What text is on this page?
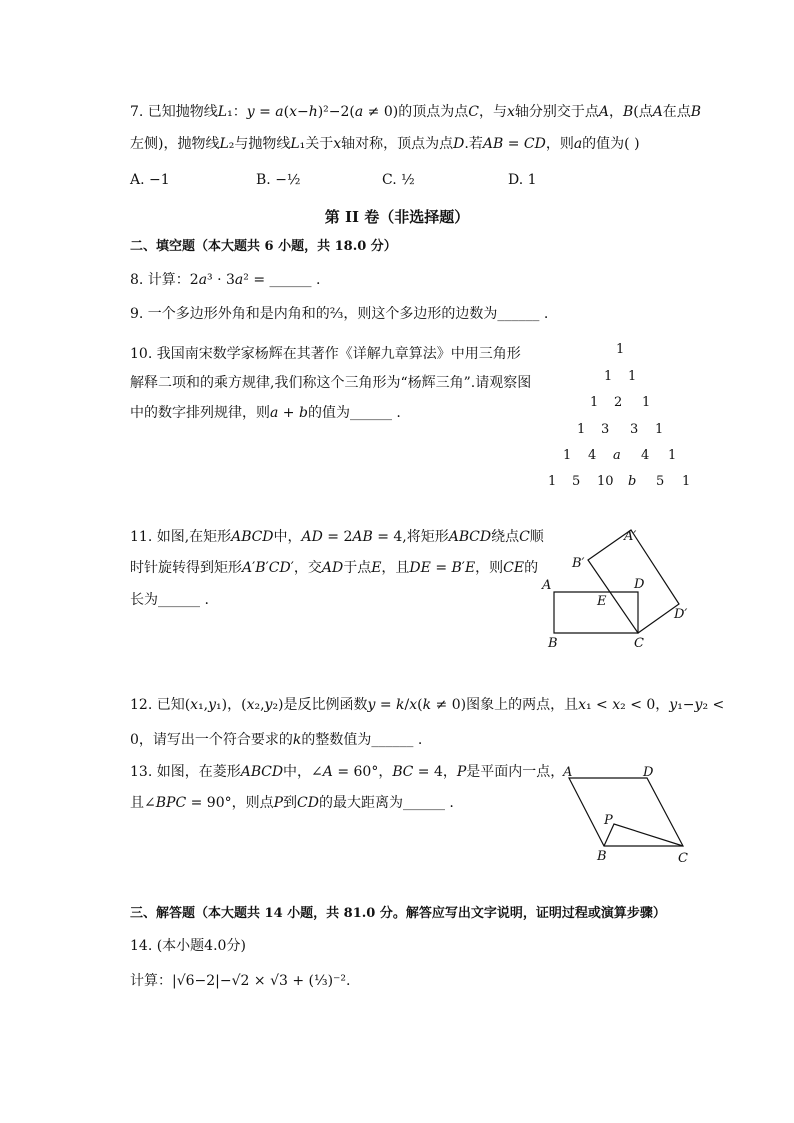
7. 已知抛物线𝐿₁：𝑦 = 𝑎(𝑥−ℎ)²−2(𝑎 ≠ 0)的顶点为点𝐶，与𝑥轴分别交于点𝐴，𝐵(点𝐴在点𝐵
左侧)，抛物线𝐿₂与抛物线𝐿₁关于𝑥轴对称，顶点为点𝐷.若𝐴𝐵 = 𝐶𝐷，则𝑎的值为( )
A. −1	B. −½	C. ½	D. 1
第 II 卷（非选择题）
二、填空题（本大题共 6 小题，共 18.0 分）
8. 计算：2𝑎³ · 3𝑎² = ______ .
9. 一个多边形外角和是内角和的⅔，则这个多边形的边数为______ .
10. 我国南宋数学家杨辉在其著作《详解九章算法》中用三角形
解释二项和的乘方规律,我们称这个三角形为“杨辉三角”.请观察图
中的数字排列规律，则𝑎 + 𝑏的值为______ .
1
1 1
1 2 1
1 3 3 1
1 4 a 4 1
1 5 10 b 5 1
11. 如图,在矩形𝐴𝐵𝐶𝐷中，𝐴𝐷 = 2𝐴𝐵 = 4,将矩形𝐴𝐵𝐶𝐷绕点𝐶顺
时针旋转得到矩形𝐴′𝐵′𝐶𝐷′，交𝐴𝐷于点𝐸，且𝐷𝐸 = 𝐵′𝐸，则𝐶𝐸的
长为______ .
A
B	C
D
E
A′
B′
D′
12. 已知(𝑥₁,𝑦₁)，(𝑥₂,𝑦₂)是反比例函数𝑦 = 𝑘/𝑥(𝑘 ≠ 0)图象上的两点，且𝑥₁ < 𝑥₂ < 0，𝑦₁−𝑦₂ <
0，请写出一个符合要求的𝑘的整数值为______ .
13. 如图，在菱形𝐴𝐵𝐶𝐷中，∠𝐴 = 60°，𝐵𝐶 = 4，𝑃是平面内一点，
且∠𝐵𝑃𝐶 = 90°，则点𝑃到𝐶𝐷的最大距离为______ .
A	D
B	C
P
三、解答题（本大题共 14 小题，共 81.0 分。解答应写出文字说明，证明过程或演算步骤）
14. (本小题4.0分)
计算：|√6−2|−√2 × √3 + (⅓)⁻².
